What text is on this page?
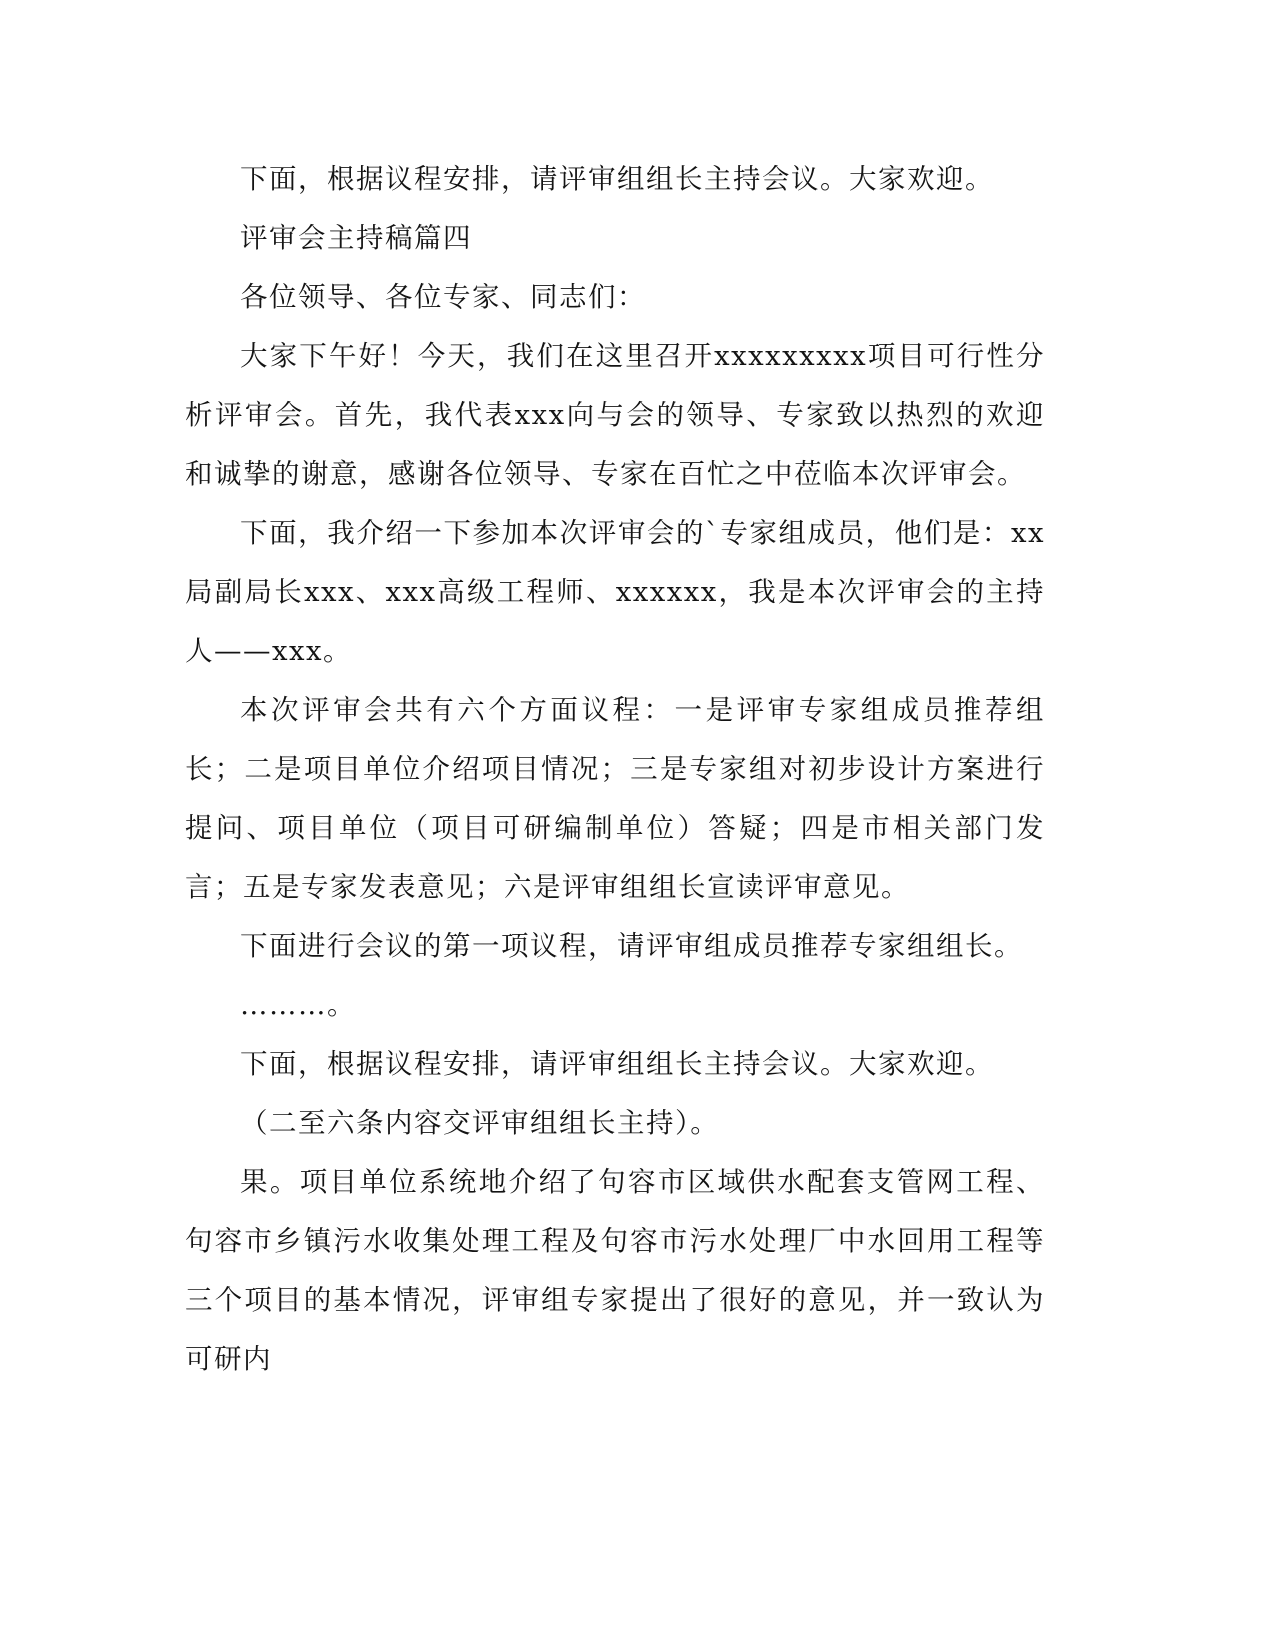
下面，根据议程安排，请评审组组长主持会议。大家欢迎。

评审会主持稿篇四

各位领导、各位专家、同志们：

大家下午好！今天，我们在这里召开xxxxxxxxx项目可行性分析评审会。首先，我代表xxx向与会的领导、专家致以热烈的欢迎和诚挚的谢意，感谢各位领导、专家在百忙之中莅临本次评审会。

下面，我介绍一下参加本次评审会的`专家组成员，他们是：xx局副局长xxx、xxx高级工程师、xxxxxx，我是本次评审会的主持人——xxx。

本次评审会共有六个方面议程：一是评审专家组成员推荐组长；二是项目单位介绍项目情况；三是专家组对初步设计方案进行提问、项目单位（项目可研编制单位）答疑；四是市相关部门发言；五是专家发表意见；六是评审组组长宣读评审意见。

下面进行会议的第一项议程，请评审组成员推荐专家组组长。

………。

下面，根据议程安排，请评审组组长主持会议。大家欢迎。

（二至六条内容交评审组组长主持）。

果。项目单位系统地介绍了句容市区域供水配套支管网工程、句容市乡镇污水收集处理工程及句容市污水处理厂中水回用工程等三个项目的基本情况，评审组专家提出了很好的意见，并一致认为可研内
